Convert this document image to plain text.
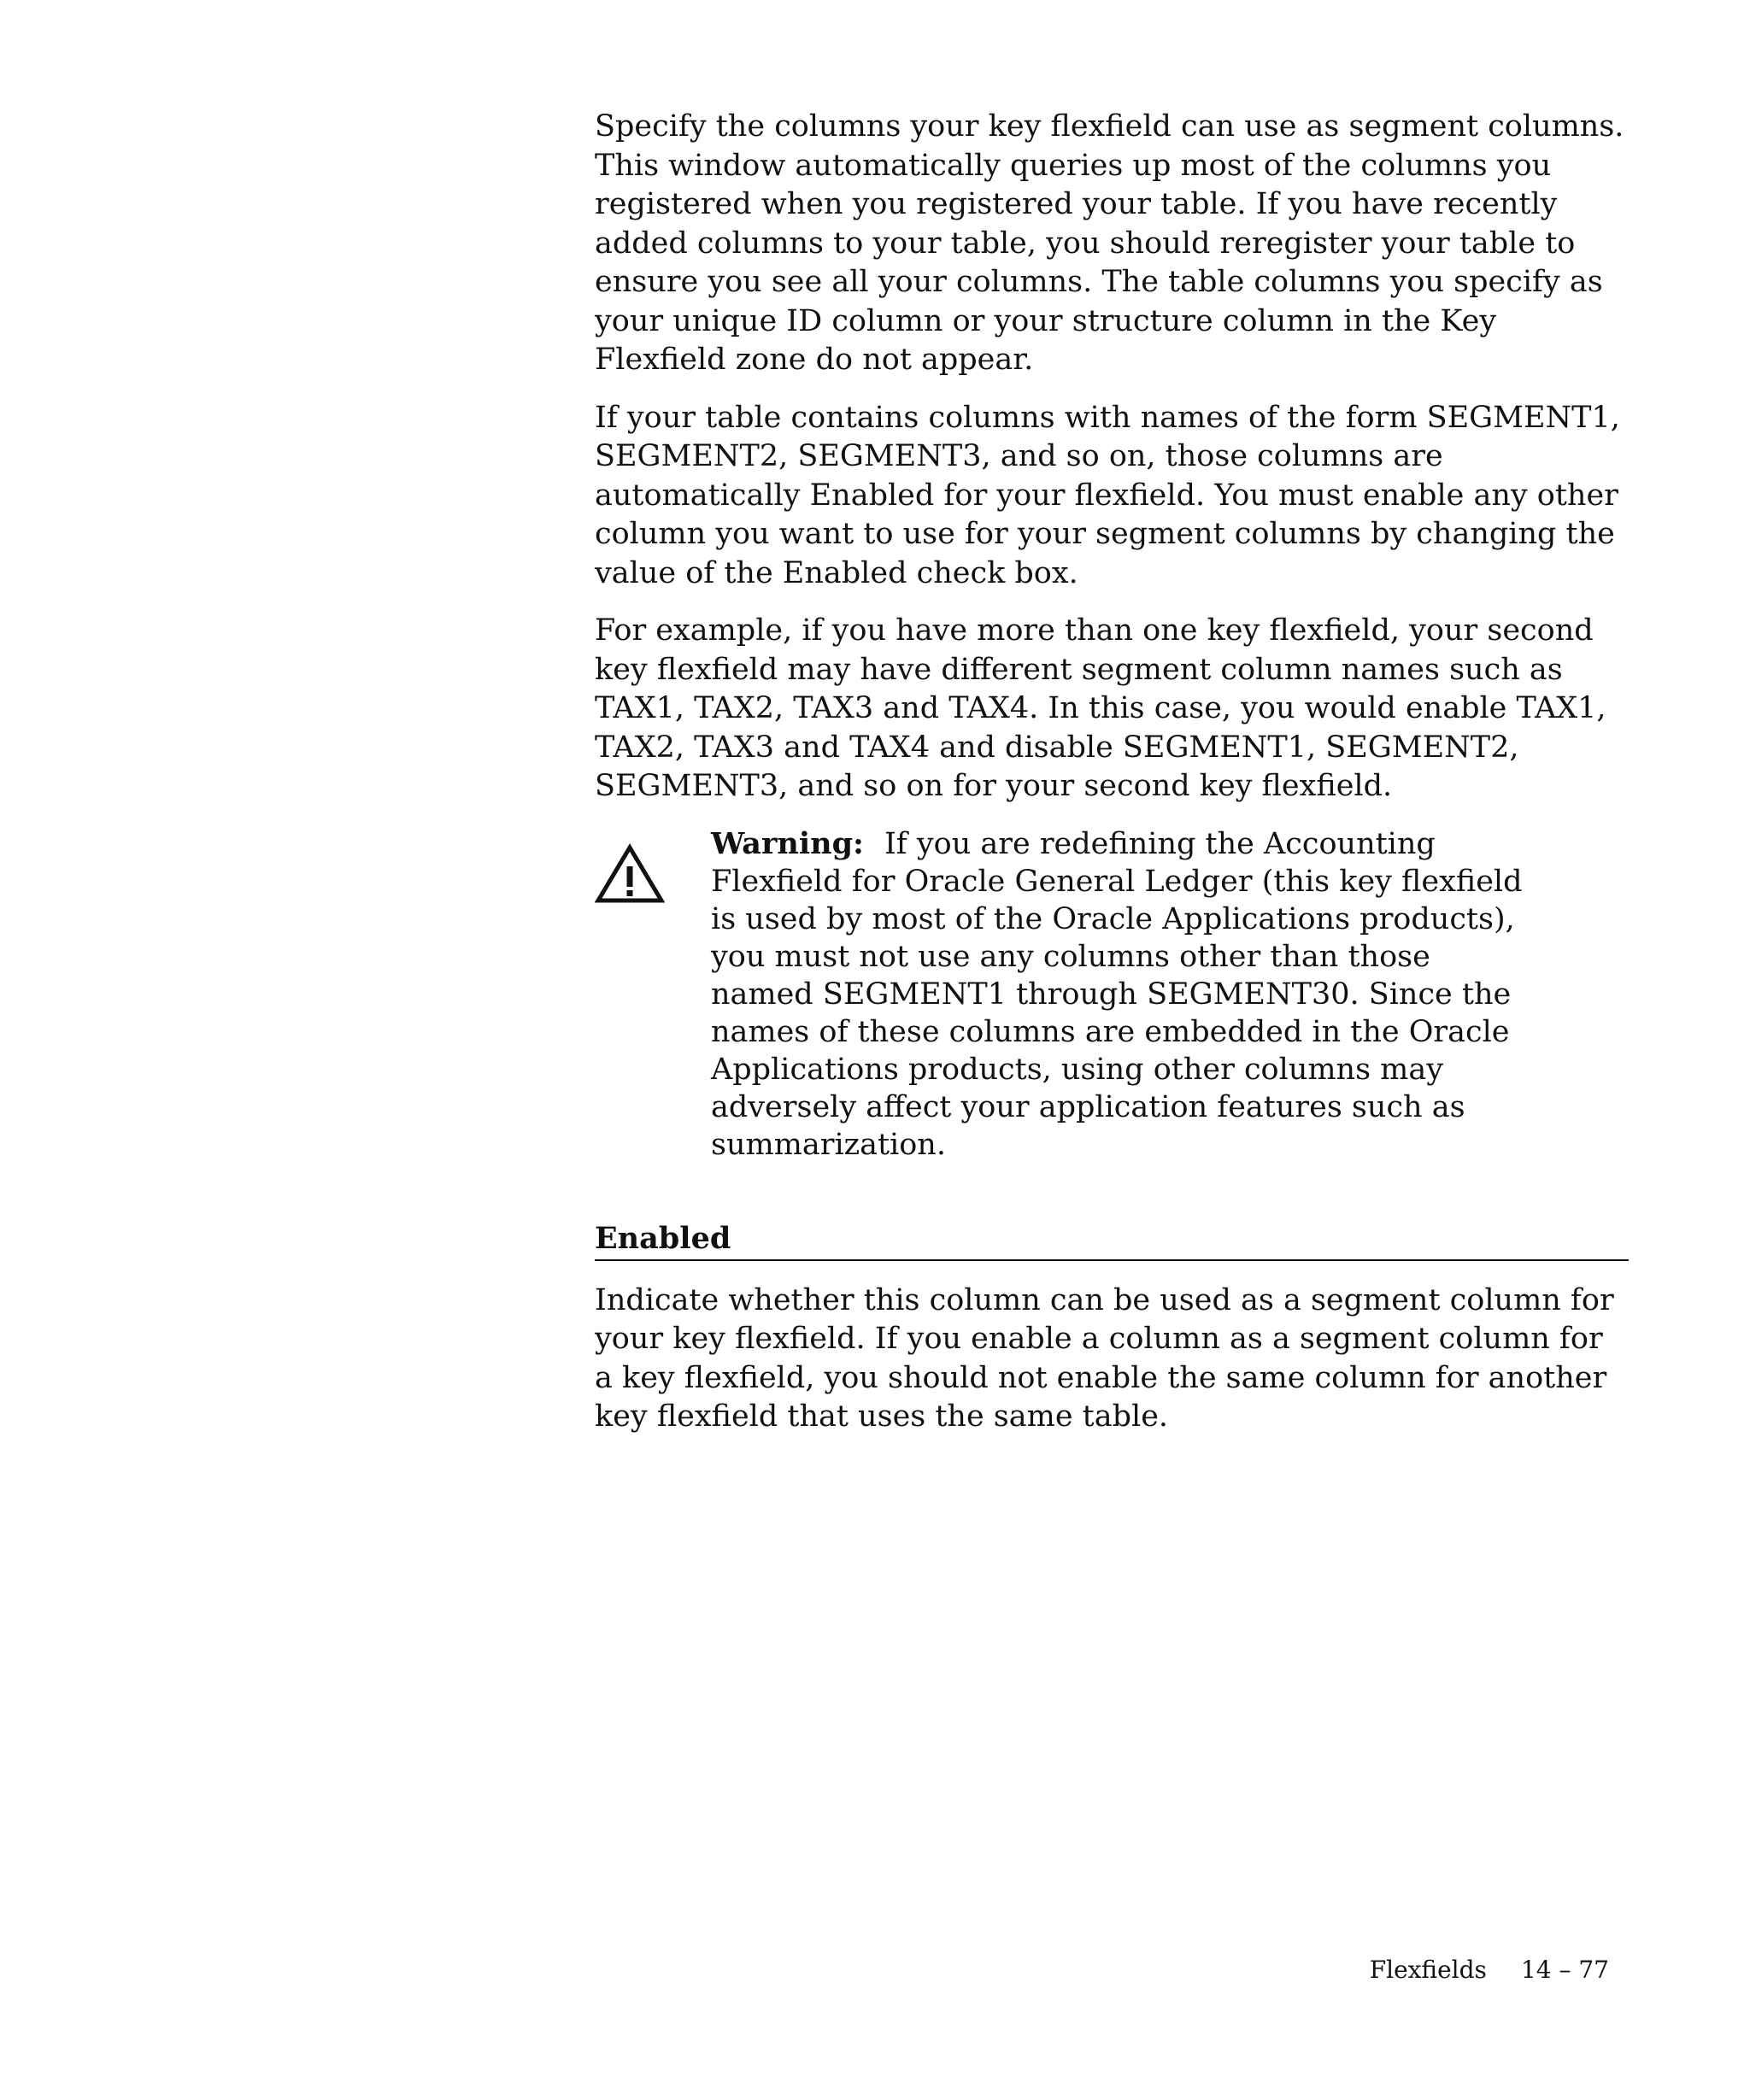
Specify the columns your key flexfield can use as segment columns. This window automatically queries up most of the columns you registered when you registered your table. If you have recently added columns to your table, you should reregister your table to ensure you see all your columns. The table columns you specify as your unique ID column or your structure column in the Key Flexfield zone do not appear.

If your table contains columns with names of the form SEGMENT1, SEGMENT2, SEGMENT3, and so on, those columns are automatically Enabled for your flexfield. You must enable any other column you want to use for your segment columns by changing the value of the Enabled check box.

For example, if you have more than one key flexfield, your second key flexfield may have different segment column names such as TAX1, TAX2, TAX3 and TAX4. In this case, you would enable TAX1, TAX2, TAX3 and TAX4 and disable SEGMENT1, SEGMENT2, SEGMENT3, and so on for your second key flexfield.

Warning: If you are redefining the Accounting Flexfield for Oracle General Ledger (this key flexfield is used by most of the Oracle Applications products), you must not use any columns other than those named SEGMENT1 through SEGMENT30. Since the names of these columns are embedded in the Oracle Applications products, using other columns may adversely affect your application features such as summarization.

Enabled

Indicate whether this column can be used as a segment column for your key flexfield. If you enable a column as a segment column for a key flexfield, you should not enable the same column for another key flexfield that uses the same table.

Flexfields 14 – 77
